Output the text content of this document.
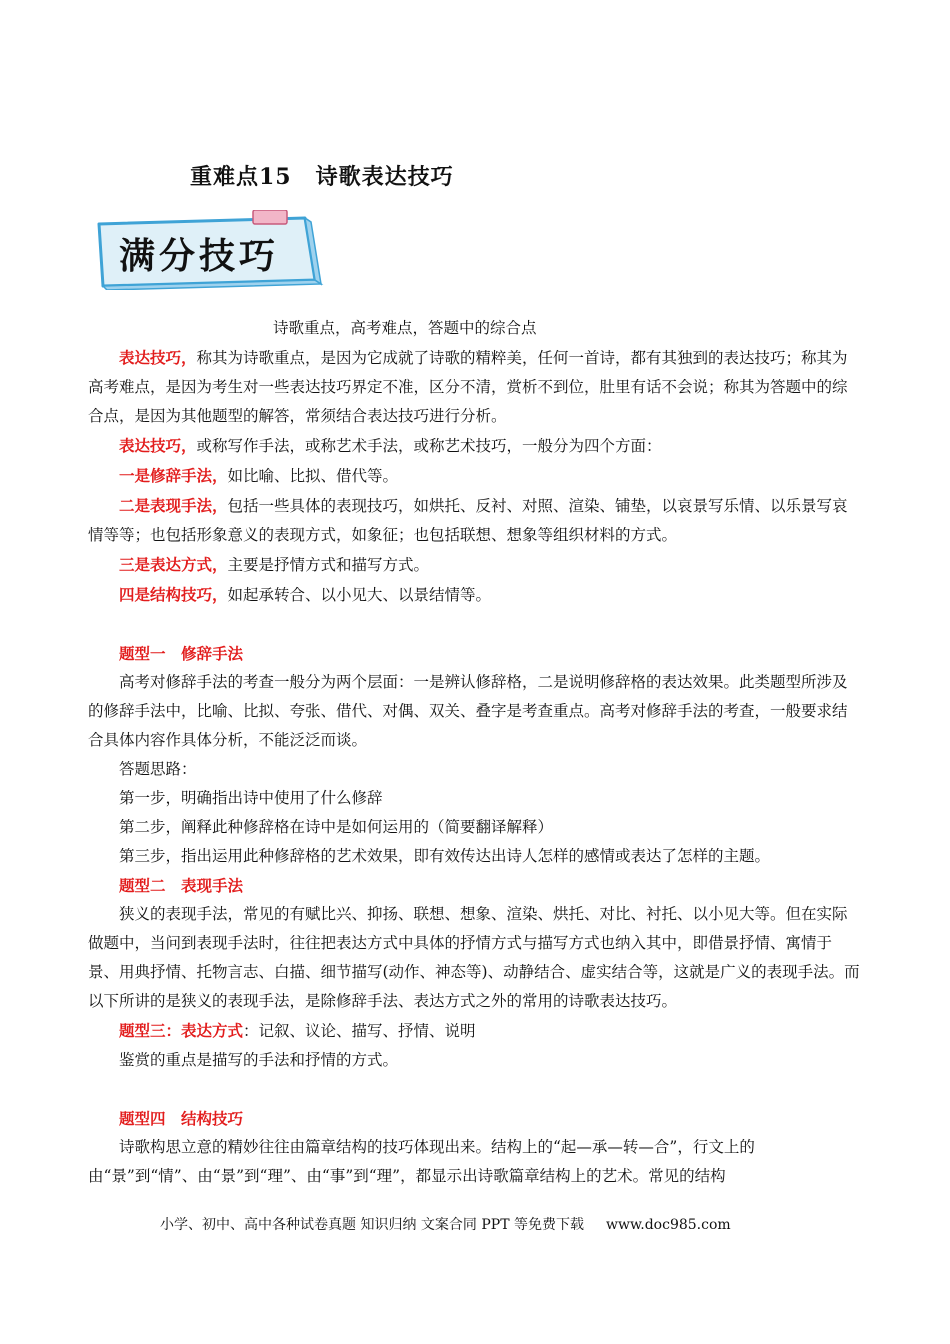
重难点15 诗歌表达技巧
满分技巧

诗歌重点，高考难点，答题中的综合点

表达技巧，称其为诗歌重点，是因为它成就了诗歌的精粹美，任何一首诗，都有其独到的表达技巧；称其为高考难点，是因为考生对一些表达技巧界定不准，区分不清，赏析不到位，肚里有话不会说；称其为答题中的综合点，是因为其他题型的解答，常须结合表达技巧进行分析。

表达技巧，或称写作手法，或称艺术手法，或称艺术技巧，一般分为四个方面：

一是修辞手法，如比喻、比拟、借代等。

二是表现手法，包括一些具体的表现技巧，如烘托、反衬、对照、渲染、铺垫，以哀景写乐情、以乐景写哀情等等；也包括形象意义的表现方式，如象征；也包括联想、想象等组织材料的方式。

三是表达方式，主要是抒情方式和描写方式。

四是结构技巧，如起承转合、以小见大、以景结情等。

题型一　修辞手法

高考对修辞手法的考查一般分为两个层面：一是辨认修辞格，二是说明修辞格的表达效果。此类题型所涉及的修辞手法中，比喻、比拟、夸张、借代、对偶、双关、叠字是考查重点。高考对修辞手法的考查，一般要求结合具体内容作具体分析，不能泛泛而谈。

答题思路：

第一步，明确指出诗中使用了什么修辞

第二步，阐释此种修辞格在诗中是如何运用的（简要翻译解释）

第三步，指出运用此种修辞格的艺术效果，即有效传达出诗人怎样的感情或表达了怎样的主题。

题型二　表现手法

狭义的表现手法，常见的有赋比兴、抑扬、联想、想象、渲染、烘托、对比、衬托、以小见大等。但在实际做题中，当问到表现手法时，往往把表达方式中具体的抒情方式与描写方式也纳入其中，即借景抒情、寓情于景、用典抒情、托物言志、白描、细节描写(动作、神态等)、动静结合、虚实结合等，这就是广义的表现手法。而以下所讲的是狭义的表现手法，是除修辞手法、表达方式之外的常用的诗歌表达技巧。

题型三：表达方式：记叙、议论、描写、抒情、说明

鉴赏的重点是描写的手法和抒情的方式。

题型四　结构技巧

诗歌构思立意的精妙往往由篇章结构的技巧体现出来。结构上的“起—承—转—合”，行文上的由“景”到“情”、由“景”到“理”、由“事”到“理”，都显示出诗歌篇章结构上的艺术。常见的结构

小学、初中、高中各种试卷真题 知识归纳 文案合同 PPT 等免费下载 www.doc985.com
